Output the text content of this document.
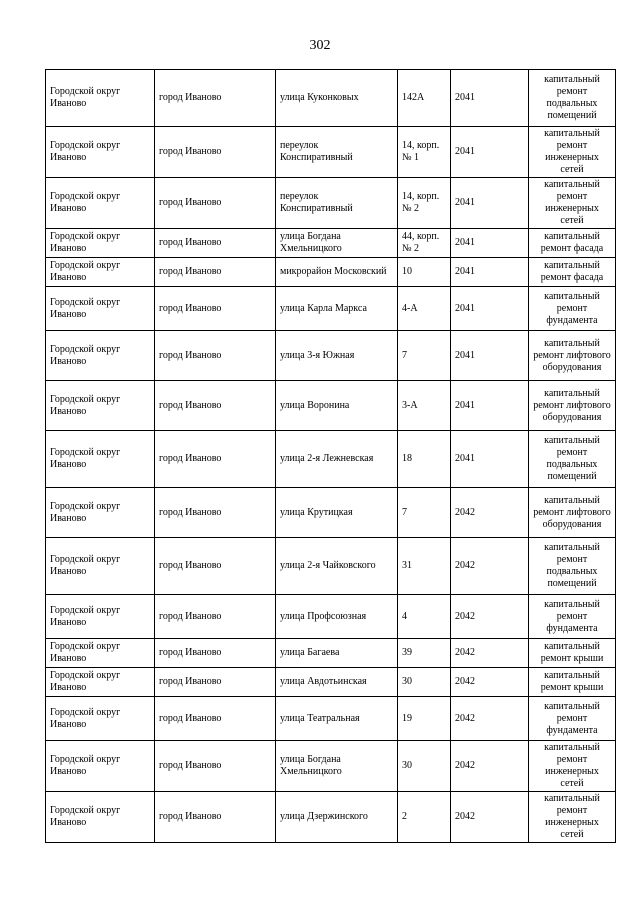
302
Городской округ Иваново	город Иваново	улица Куконковых	142А	2041	капитальный ремонт подвальных помещений
Городской округ Иваново	город Иваново	переулок Конспиративный	14, корп. № 1	2041	капитальный ремонт инженерных сетей
Городской округ Иваново	город Иваново	переулок Конспиративный	14, корп. № 2	2041	капитальный ремонт инженерных сетей
Городской округ Иваново	город Иваново	улица Богдана Хмельницкого	44, корп. № 2	2041	капитальный ремонт фасада
Городской округ Иваново	город Иваново	микрорайон Московский	10	2041	капитальный ремонт фасада
Городской округ Иваново	город Иваново	улица Карла Маркса	4-А	2041	капитальный ремонт фундамента
Городской округ Иваново	город Иваново	улица 3-я Южная	7	2041	капитальный ремонт лифтового оборудования
Городской округ Иваново	город Иваново	улица Воронина	3-А	2041	капитальный ремонт лифтового оборудования
Городской округ Иваново	город Иваново	улица 2-я Лежневская	18	2041	капитальный ремонт подвальных помещений
Городской округ Иваново	город Иваново	улица Крутицкая	7	2042	капитальный ремонт лифтового оборудования
Городской округ Иваново	город Иваново	улица 2-я Чайковского	31	2042	капитальный ремонт подвальных помещений
Городской округ Иваново	город Иваново	улица Профсоюзная	4	2042	капитальный ремонт фундамента
Городской округ Иваново	город Иваново	улица Багаева	39	2042	капитальный ремонт крыши
Городской округ Иваново	город Иваново	улица Авдотьинская	30	2042	капитальный ремонт крыши
Городской округ Иваново	город Иваново	улица Театральная	19	2042	капитальный ремонт фундамента
Городской округ Иваново	город Иваново	улица Богдана Хмельницкого	30	2042	капитальный ремонт инженерных сетей
Городской округ Иваново	город Иваново	улица Дзержинского	2	2042	капитальный ремонт инженерных сетей
